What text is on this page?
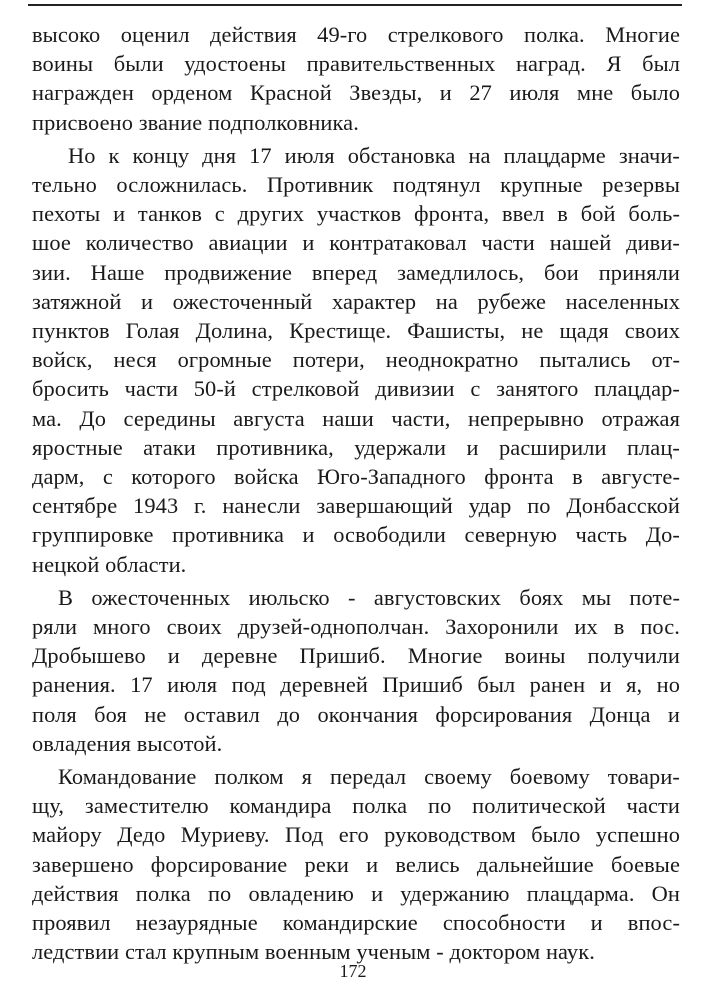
высоко оценил действия 49-го стрелкового полка. Многие
воины были удостоены правительственных наград. Я был
награжден орденом Красной Звезды, и 27 июля мне было
присвоено звание подполковника.
Но к концу дня 17 июля обстановка на плацдарме значи-
тельно осложнилась. Противник подтянул крупные резервы
пехоты и танков с других участков фронта, ввел в бой боль-
шое количество авиации и контратаковал части нашей диви-
зии. Наше продвижение вперед замедлилось, бои приняли
затяжной и ожесточенный характер на рубеже населенных
пунктов Голая Долина, Крестище. Фашисты, не щадя своих
войск, неся огромные потери, неоднократно пытались от-
бросить части 50-й стрелковой дивизии с занятого плацдар-
ма. До середины августа наши части, непрерывно отражая
яростные атаки противника, удержали и расширили плац-
дарм, с которого войска Юго-Западного фронта в августе-
сентябре 1943 г. нанесли завершающий удар по Донбасской
группировке противника и освободили северную часть До-
нецкой области.
В ожесточенных июльско - августовских боях мы поте-
ряли много своих друзей-однополчан. Захоронили их в пос.
Дробышево и деревне Пришиб. Многие воины получили
ранения. 17 июля под деревней Пришиб был ранен и я, но
поля боя не оставил до окончания форсирования Донца и
овладения высотой.
Командование полком я передал своему боевому товари-
щу, заместителю командира полка по политической части
майору Дедо Муриеву. Под его руководством было успешно
завершено форсирование реки и велись дальнейшие боевые
действия полка по овладению и удержанию плацдарма. Он
проявил незаурядные командирские способности и впос-
ледствии стал крупным военным ученым - доктором наук.
172
